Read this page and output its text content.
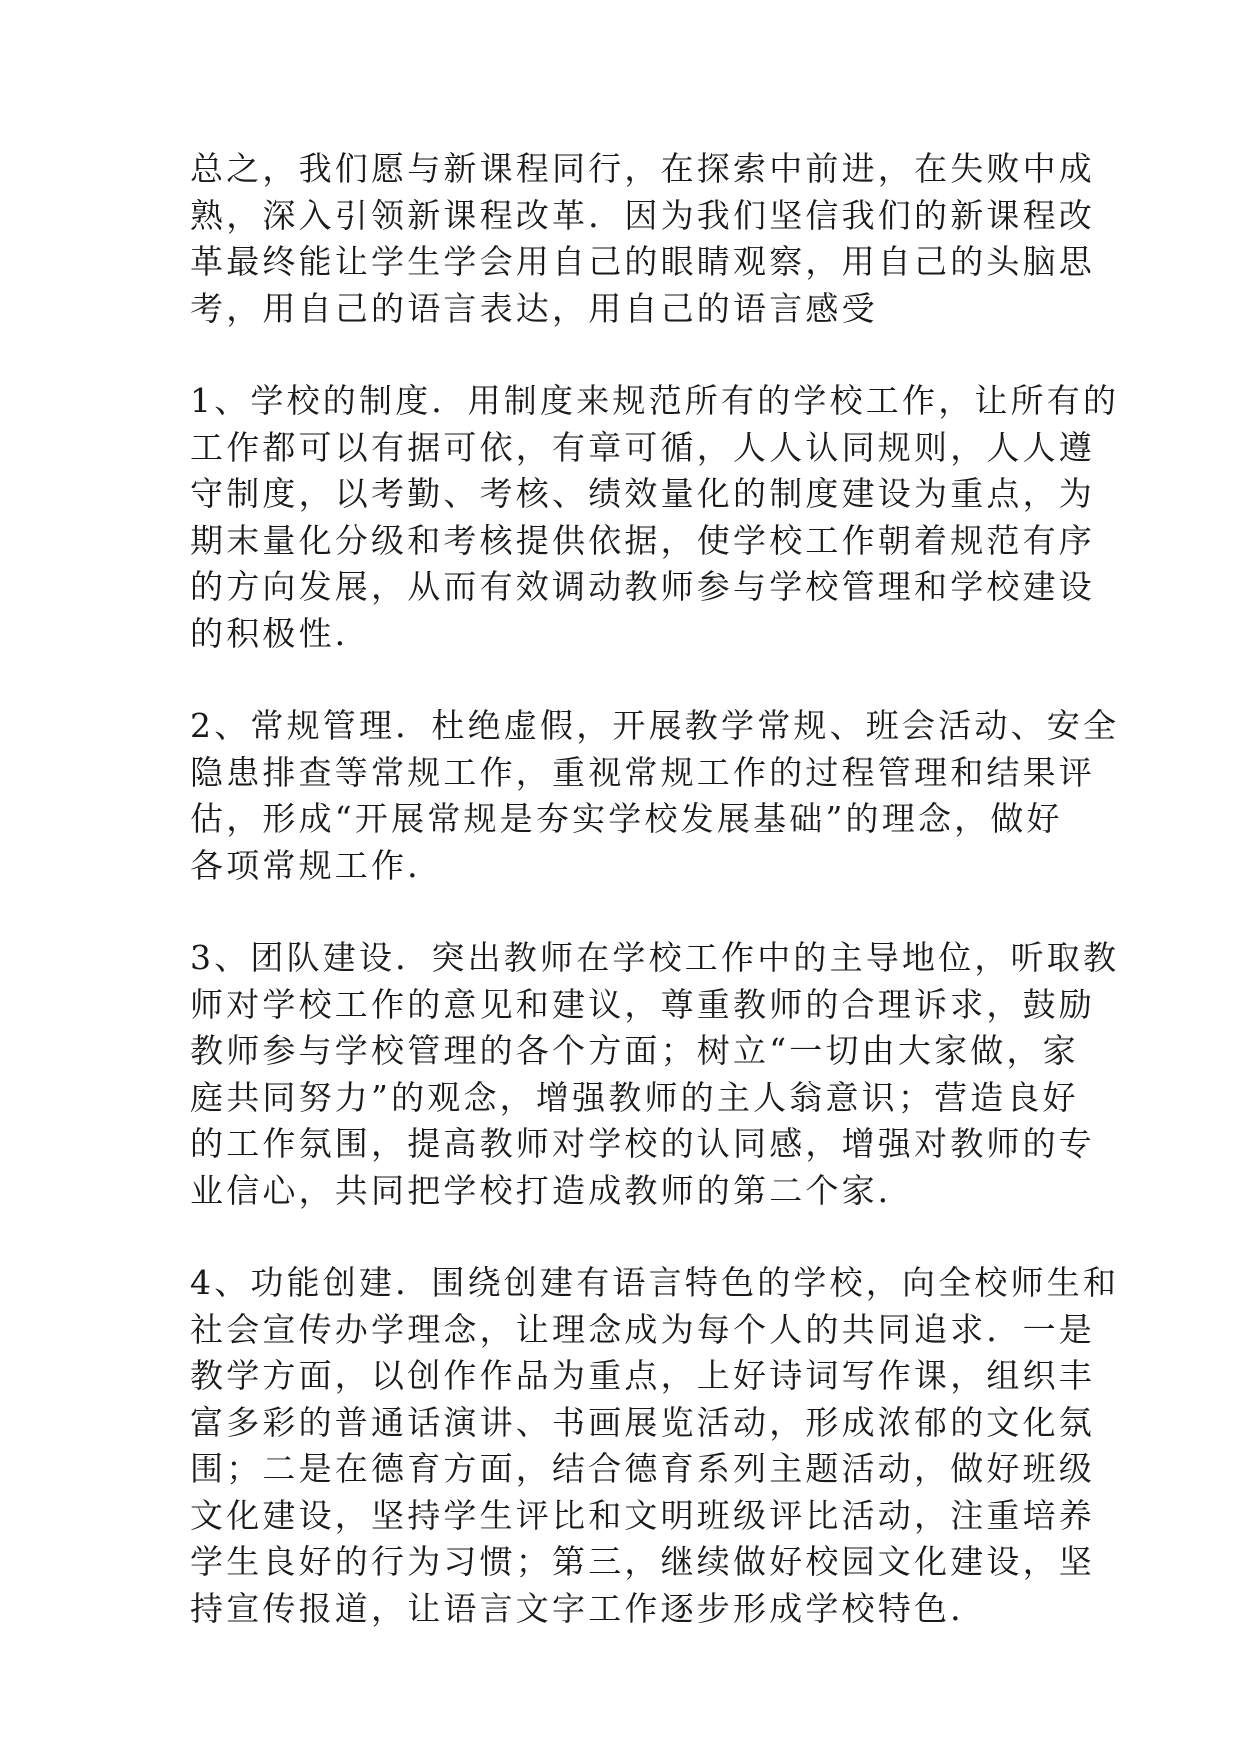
总之，我们愿与新课程同行，在探索中前进，在失败中成
熟，深入引领新课程改革．因为我们坚信我们的新课程改
革最终能让学生学会用自己的眼睛观察，用自己的头脑思
考，用自己的语言表达，用自己的语言感受

1、学校的制度．用制度来规范所有的学校工作，让所有的
工作都可以有据可依，有章可循，人人认同规则，人人遵
守制度，以考勤、考核、绩效量化的制度建设为重点，为
期末量化分级和考核提供依据，使学校工作朝着规范有序
的方向发展，从而有效调动教师参与学校管理和学校建设
的积极性．

2、常规管理．杜绝虚假，开展教学常规、班会活动、安全
隐患排查等常规工作，重视常规工作的过程管理和结果评
估，形成“开展常规是夯实学校发展基础”的理念，做好
各项常规工作．

3、团队建设．突出教师在学校工作中的主导地位，听取教
师对学校工作的意见和建议，尊重教师的合理诉求，鼓励
教师参与学校管理的各个方面；树立“一切由大家做，家
庭共同努力”的观念，增强教师的主人翁意识；营造良好
的工作氛围，提高教师对学校的认同感，增强对教师的专
业信心，共同把学校打造成教师的第二个家．

4、功能创建．围绕创建有语言特色的学校，向全校师生和
社会宣传办学理念，让理念成为每个人的共同追求．一是
教学方面，以创作作品为重点，上好诗词写作课，组织丰
富多彩的普通话演讲、书画展览活动，形成浓郁的文化氛
围；二是在德育方面，结合德育系列主题活动，做好班级
文化建设，坚持学生评比和文明班级评比活动，注重培养
学生良好的行为习惯；第三，继续做好校园文化建设，坚
持宣传报道，让语言文字工作逐步形成学校特色．
